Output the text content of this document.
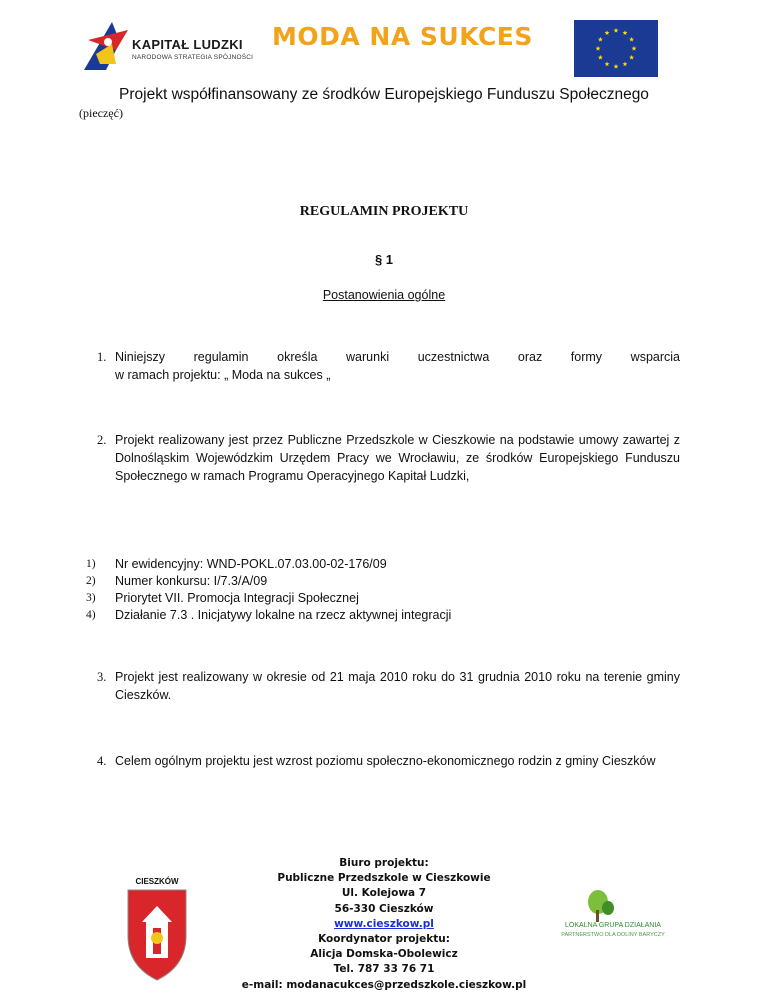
KAPITAŁ LUDZKI
NARODOWA STRATEGIA SPÓJNOŚCI
MODA NA SUKCES
Projekt współfinansowany ze środków Europejskiego Funduszu Społecznego
(pieczęć)
REGULAMIN PROJEKTU
§ 1
Postanowienia ogólne
1. Niniejszy regulamin określa warunki uczestnictwa oraz formy wsparcia
w ramach projektu: „ Moda na sukces „
2. Projekt realizowany jest przez Publiczne Przedszkole w Cieszkowie na podstawie umowy zawartej z Dolnośląskim Wojewódzkim Urzędem Pracy we Wrocławiu, ze środków Europejskiego Funduszu Społecznego w ramach Programu Operacyjnego Kapitał Ludzki,
1) Nr ewidencyjny: WND-POKL.07.03.00-02-176/09
2) Numer konkursu: I/7.3/A/09
3) Priorytet VII. Promocja Integracji Społecznej
4) Działanie 7.3 . Inicjatywy lokalne na rzecz aktywnej integracji
3. Projekt jest realizowany w okresie od 21 maja 2010 roku do 31 grudnia 2010 roku na terenie gminy Cieszków.
4. Celem ogólnym projektu jest wzrost poziomu społeczno-ekonomicznego rodzin z gminy Cieszków
CIESZKÓW
Biuro projektu:
Publiczne Przedszkole w Cieszkowie
Ul. Kolejowa 7
56-330 Cieszków
www.cieszkow.pl
Koordynator projektu:
Alicja Domska-Obolewicz
Tel. 787 33 76 71
e-mail: modanacukces@przedszkole.cieszkow.pl
LOKALNA GRUPA DZIAŁANIA
PARTNERSTWO DLA DOLINY BARYCZY
